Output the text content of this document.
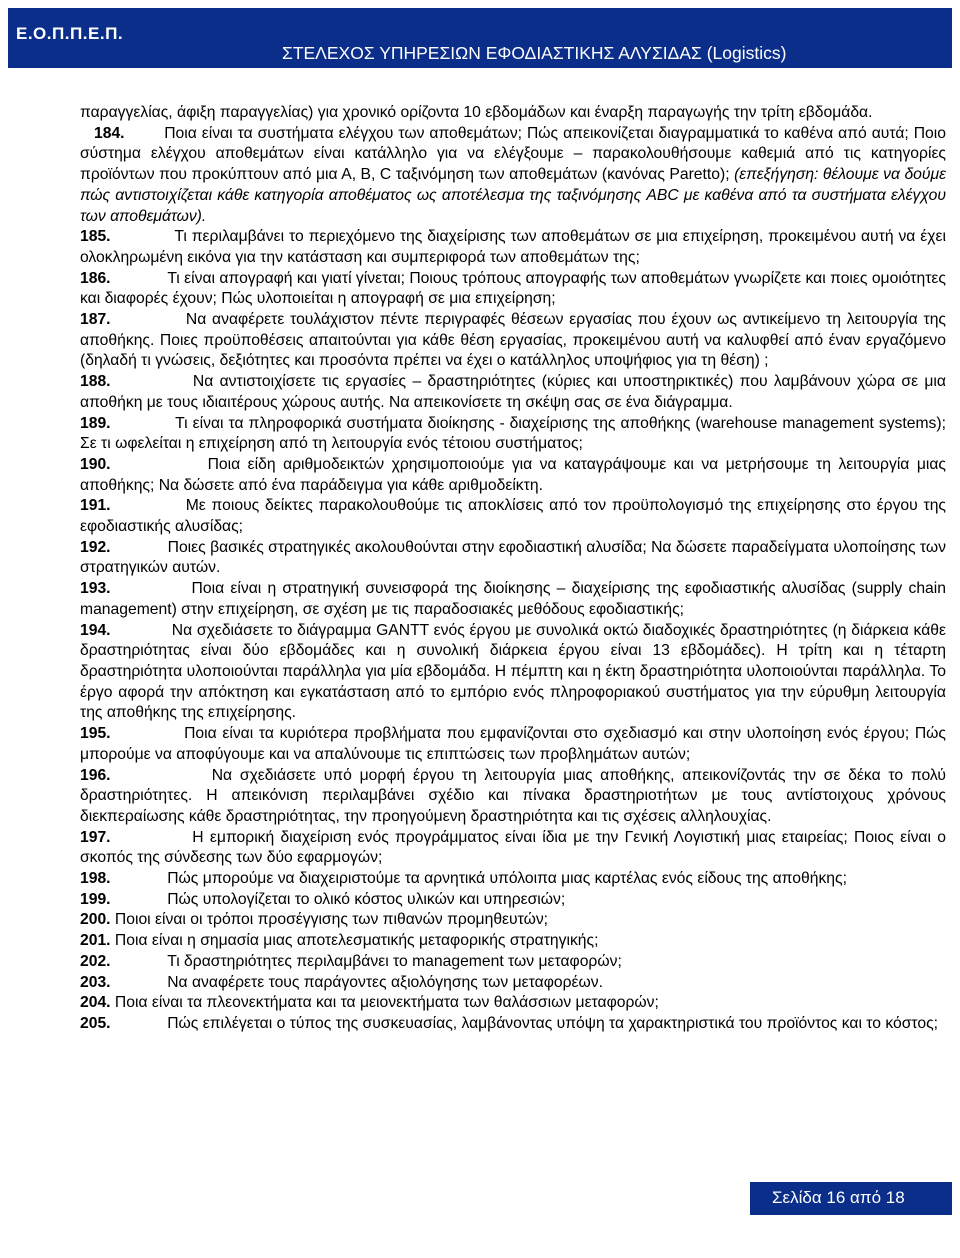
Ε.Ο.Π.Π.Ε.Π.
ΣΤΕΛΕΧΟΣ ΥΠΗΡΕΣΙΩΝ ΕΦΟΔΙΑΣΤΙΚΗΣ ΑΛΥΣΙΔΑΣ (Logistics)

παραγγελίας, άφιξη παραγγελίας) για χρονικό ορίζοντα 10 εβδομάδων και έναρξη παραγωγής την τρίτη εβδομάδα.

184.	Ποια είναι τα συστήματα ελέγχου των αποθεμάτων; Πώς απεικονίζεται διαγραμματικά το καθένα από αυτά; Ποιο σύστημα ελέγχου αποθεμάτων είναι κατάλληλο για να ελέγξουμε – παρακολουθήσουμε καθεμιά από τις κατηγορίες προϊόντων που προκύπτουν από μια Α, Β, C ταξινόμηση των αποθεμάτων (κανόνας Paretto); (επεξήγηση: θέλουμε να δούμε πώς αντιστοιχίζεται κάθε κατηγορία αποθέματος ως αποτέλεσμα της ταξινόμησης ABC με καθένα από τα συστήματα ελέγχου των αποθεμάτων).

185.	Τι περιλαμβάνει το περιεχόμενο της διαχείρισης των αποθεμάτων σε μια επιχείρηση, προκειμένου αυτή να έχει ολοκληρωμένη εικόνα για την κατάσταση και συμπεριφορά των αποθεμάτων της;

186.	Τι είναι απογραφή και γιατί γίνεται; Ποιους τρόπους απογραφής των αποθεμάτων γνωρίζετε και ποιες ομοιότητες και διαφορές έχουν; Πώς υλοποιείται η απογραφή σε μια επιχείρηση;

187.	Να αναφέρετε τουλάχιστον πέντε περιγραφές θέσεων εργασίας που έχουν ως αντικείμενο τη λειτουργία της αποθήκης. Ποιες προϋποθέσεις απαιτούνται για κάθε θέση εργασίας, προκειμένου αυτή να καλυφθεί από έναν εργαζόμενο (δηλαδή τι γνώσεις, δεξιότητες και προσόντα πρέπει να έχει ο κατάλληλος υποψήφιος για τη θέση) ;

188.	Να αντιστοιχίσετε τις εργασίες – δραστηριότητες (κύριες και υποστηρικτικές) που λαμβάνουν χώρα σε μια αποθήκη με τους ιδιαιτέρους χώρους αυτής. Να απεικονίσετε τη σκέψη σας σε ένα διάγραμμα.

189.	Τι είναι τα πληροφορικά συστήματα διοίκησης - διαχείρισης της αποθήκης (warehouse management systems); Σε τι ωφελείται η επιχείρηση από τη λειτουργία ενός τέτοιου συστήματος;

190.	Ποια είδη αριθμοδεικτών χρησιμοποιούμε για να καταγράψουμε και να μετρήσουμε τη λειτουργία μιας αποθήκης; Να δώσετε από ένα παράδειγμα για κάθε αριθμοδείκτη.

191.	Με ποιους δείκτες παρακολουθούμε τις αποκλίσεις από τον προϋπολογισμό της επιχείρησης στο έργου της εφοδιαστικής αλυσίδας;

192.	Ποιες βασικές στρατηγικές ακολουθούνται στην εφοδιαστική αλυσίδα; Να δώσετε παραδείγματα υλοποίησης των στρατηγικών αυτών.

193.	Ποια είναι η στρατηγική συνεισφορά της διοίκησης – διαχείρισης της εφοδιαστικής αλυσίδας (supply chain management) στην επιχείρηση, σε σχέση με τις παραδοσιακές μεθόδους εφοδιαστικής;

194.	Να σχεδιάσετε το διάγραμμα GANTT ενός έργου με συνολικά οκτώ διαδοχικές δραστηριότητες (η διάρκεια κάθε δραστηριότητας είναι δύο εβδομάδες και η συνολική διάρκεια έργου είναι 13 εβδομάδες). Η τρίτη και η τέταρτη δραστηριότητα υλοποιούνται παράλληλα για μία εβδομάδα. Η πέμπτη και η έκτη δραστηριότητα υλοποιούνται παράλληλα. Το έργο αφορά την απόκτηση και εγκατάσταση από το εμπόριο ενός πληροφοριακού συστήματος για την εύρυθμη λειτουργία της αποθήκης της επιχείρησης.

195.	Ποια είναι τα κυριότερα προβλήματα που εμφανίζονται στο σχεδιασμό και στην υλοποίηση ενός έργου; Πώς μπορούμε να αποφύγουμε και να απαλύνουμε τις επιπτώσεις των προβλημάτων αυτών;

196.	Να σχεδιάσετε υπό μορφή έργου τη λειτουργία μιας αποθήκης, απεικονίζοντάς την σε δέκα το πολύ δραστηριότητες. Η απεικόνιση περιλαμβάνει σχέδιο και πίνακα δραστηριοτήτων με τους αντίστοιχους χρόνους διεκπεραίωσης κάθε δραστηριότητας, την προηγούμενη δραστηριότητα και τις σχέσεις αλληλουχίας.

197.	Η εμπορική διαχείριση ενός προγράμματος είναι ίδια με την Γενική Λογιστική μιας εταιρείας; Ποιος είναι ο σκοπός της σύνδεσης των δύο εφαρμογών;

198.	Πώς μπορούμε να διαχειριστούμε τα αρνητικά υπόλοιπα μιας καρτέλας ενός είδους της αποθήκης;

199.	Πώς υπολογίζεται το ολικό κόστος υλικών και υπηρεσιών;

200. Ποιοι είναι οι τρόποι προσέγγισης των πιθανών προμηθευτών;

201. Ποια είναι η σημασία μιας αποτελεσματικής μεταφορικής στρατηγικής;

202.	Τι δραστηριότητες περιλαμβάνει το management των μεταφορών;

203.	Να αναφέρετε τους παράγοντες αξιολόγησης των μεταφορέων.

204. Ποια είναι τα πλεονεκτήματα και τα μειονεκτήματα των θαλάσσιων μεταφορών;

205.	Πώς επιλέγεται ο τύπος της συσκευασίας, λαμβάνοντας υπόψη τα χαρακτηριστικά του προϊόντος και το κόστος;

Σελίδα 16 από 18
